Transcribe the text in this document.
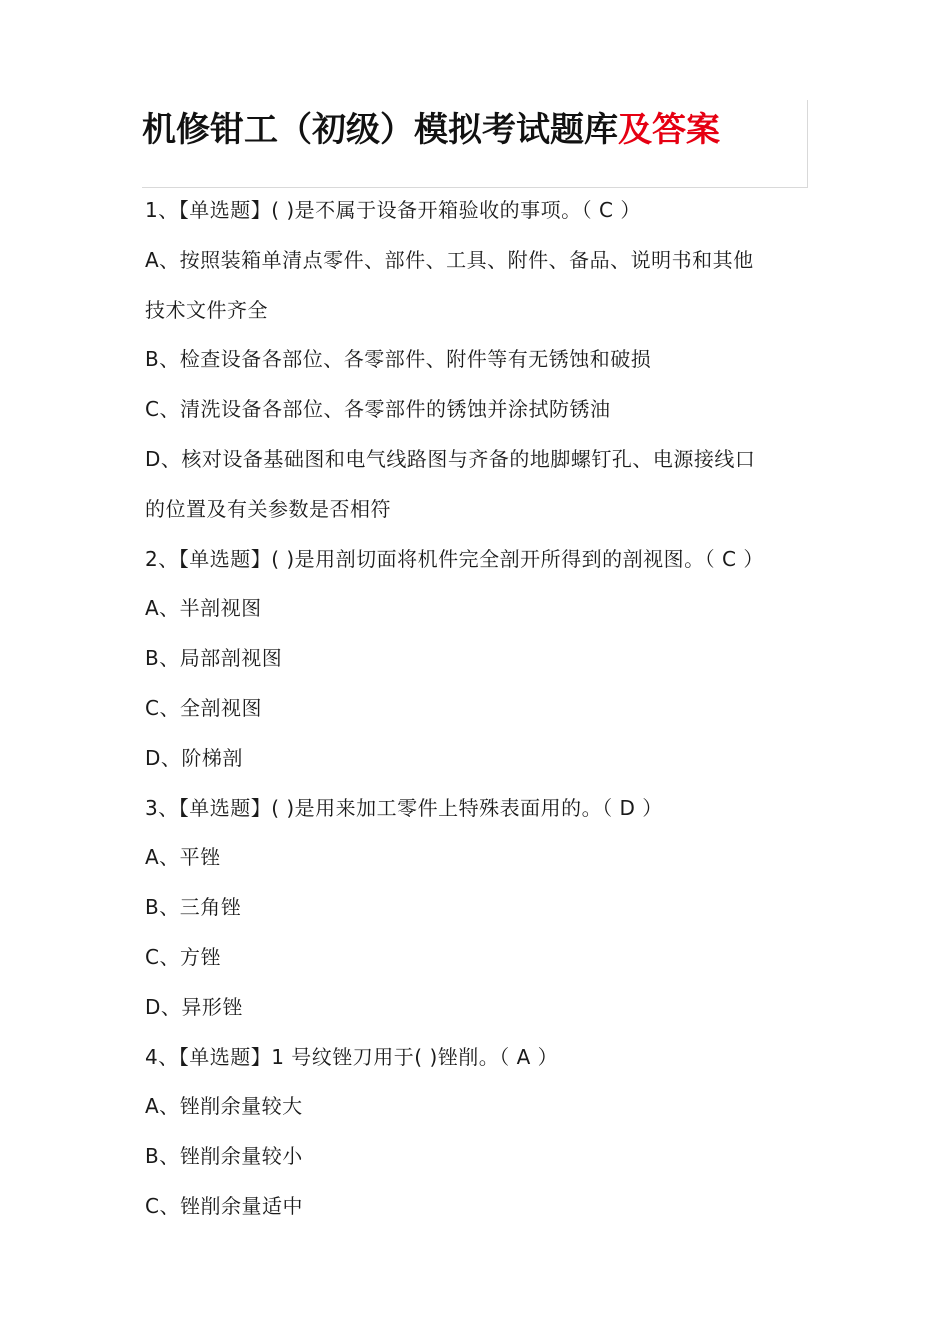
机修钳工（初级）模拟考试题库及答案
1、【单选题】( )是不属于设备开箱验收的事项。（ C ）
A、按照装箱单清点零件、部件、工具、附件、备品、说明书和其他
技术文件齐全
B、检查设备各部位、各零部件、附件等有无锈蚀和破损
C、清洗设备各部位、各零部件的锈蚀并涂拭防锈油
D、核对设备基础图和电气线路图与齐备的地脚螺钉孔、电源接线口
的位置及有关参数是否相符
2、【单选题】( )是用剖切面将机件完全剖开所得到的剖视图。（ C ）
A、半剖视图
B、局部剖视图
C、全剖视图
D、阶梯剖
3、【单选题】( )是用来加工零件上特殊表面用的。（ D ）
A、平锉
B、三角锉
C、方锉
D、异形锉
4、【单选题】1 号纹锉刀用于( )锉削。（ A ）
A、锉削余量较大
B、锉削余量较小
C、锉削余量适中
